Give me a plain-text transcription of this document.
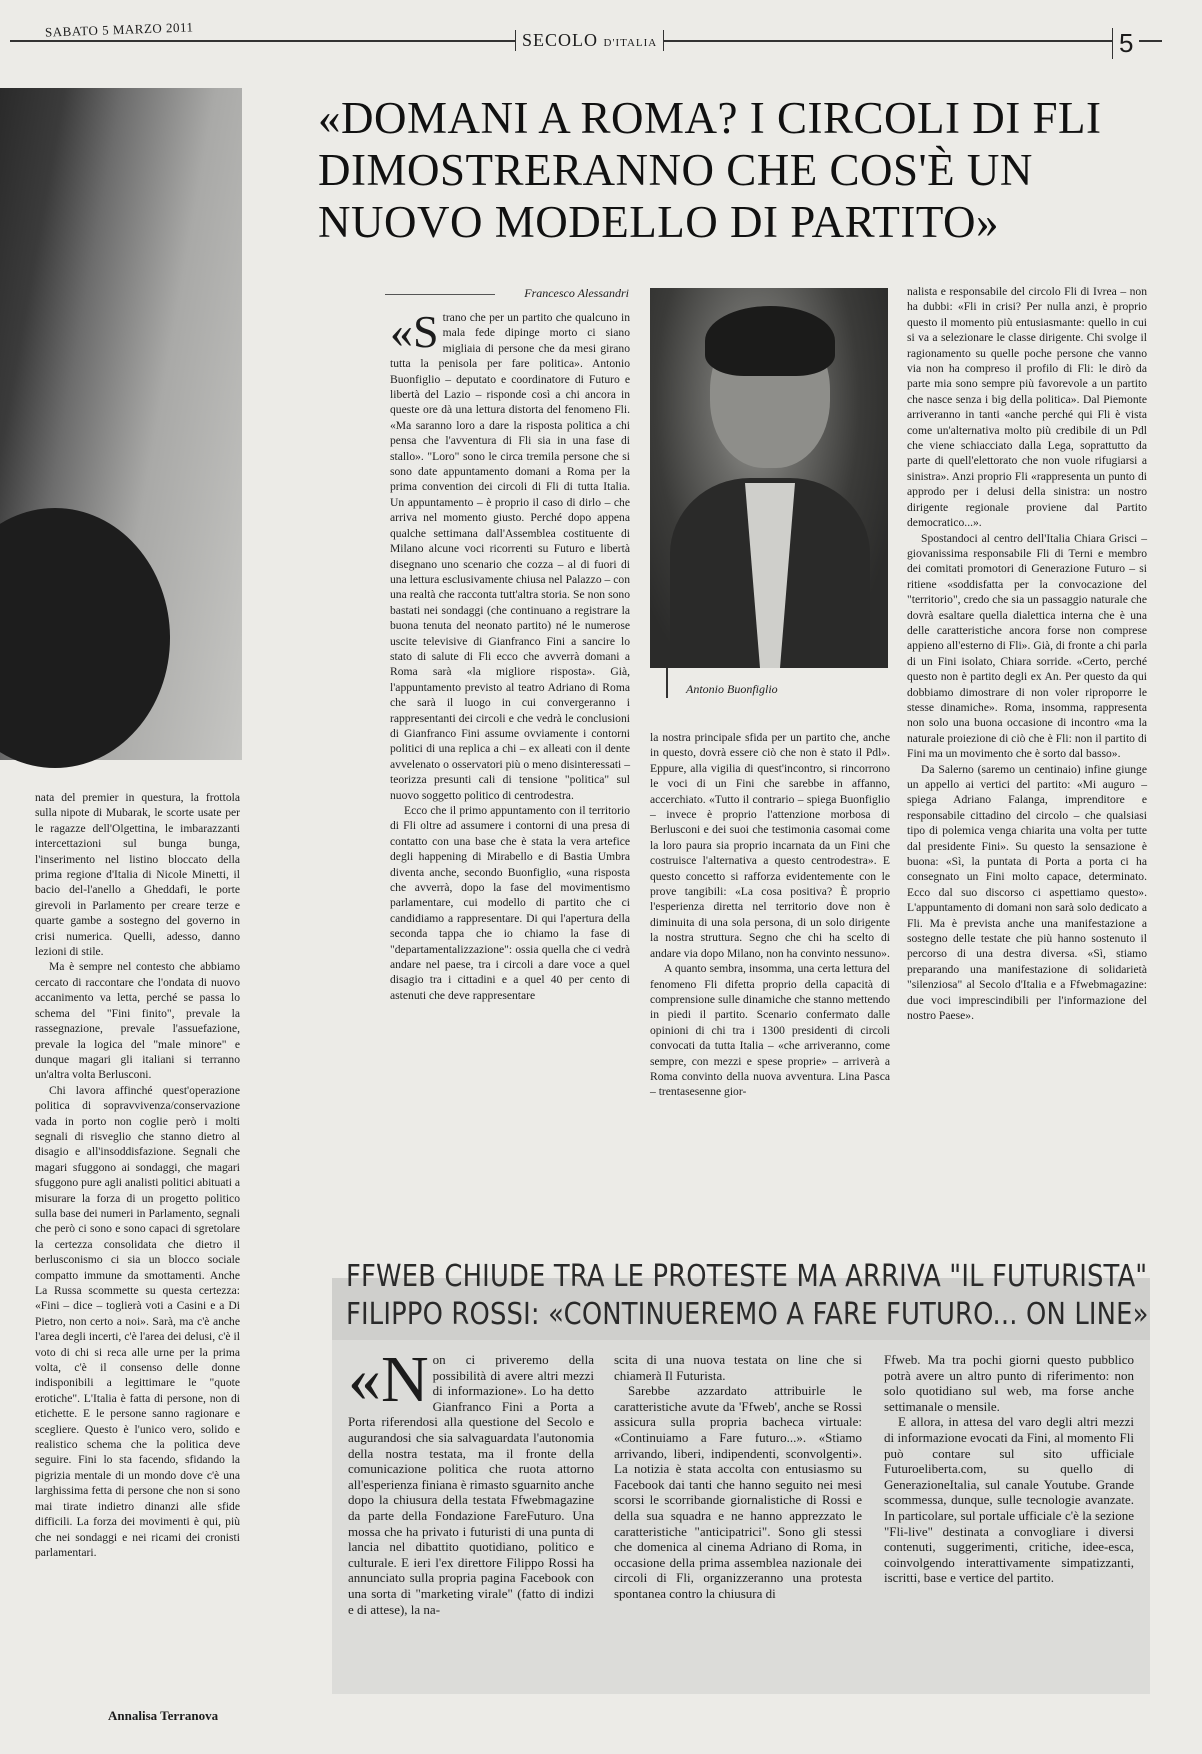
SABATO 5 MARZO 2011
SECOLO D'ITALIA	5
«DOMANI A ROMA? I CIRCOLI DI FLI DIMOSTRERANNO CHE COS'È UN NUOVO MODELLO DI PARTITO»

nata del premier in questura, la frottola sulla nipote di Mubarak, le scorte usate per le ragazze dell'Olgettina, le imbarazzanti intercettazioni sul bunga bunga, l'inserimento nel listino bloccato della prima regione d'Italia di Nicole Minetti, il bacio del-l'anello a Gheddafi, le porte girevoli in Parlamento per creare terze e quarte gambe a sostegno del governo in crisi numerica. Quelli, adesso, danno lezioni di stile.

Ma è sempre nel contesto che abbiamo cercato di raccontare che l'ondata di nuovo accanimento va letta, perché se passa lo schema del "Fini finito", prevale la rassegnazione, prevale l'assuefazione, prevale la logica del "male minore" e dunque magari gli italiani si terranno un'altra volta Berlusconi.

Chi lavora affinché quest'operazione politica di sopravvivenza/conservazione vada in porto non coglie però i molti segnali di risveglio che stanno dietro al disagio e all'insoddisfazione. Segnali che magari sfuggono ai sondaggi, che magari sfuggono pure agli analisti politici abituati a misurare la forza di un progetto politico sulla base dei numeri in Parlamento, segnali che però ci sono e sono capaci di sgretolare la certezza consolidata che dietro il berlusconismo ci sia un blocco sociale compatto immune da smottamenti. Anche La Russa scommette su questa certezza: «Fini – dice – toglierà voti a Casini e a Di Pietro, non certo a noi». Sarà, ma c'è anche l'area degli incerti, c'è l'area dei delusi, c'è il voto di chi si reca alle urne per la prima volta, c'è il consenso delle donne indisponibili a legittimare le "quote erotiche". L'Italia è fatta di persone, non di etichette. E le persone sanno ragionare e scegliere. Questo è l'unico vero, solido e realistico schema che la politica deve seguire. Fini lo sta facendo, sfidando la pigrizia mentale di un mondo dove c'è una larghissima fetta di persone che non si sono mai tirate indietro dinanzi alle sfide difficili. La forza dei movimenti è qui, più che nei sondaggi e nei ricami dei cronisti parlamentari.

Annalisa Terranova
Francesco Alessandri

«Strano che per un partito che qualcuno in mala fede dipinge morto ci siano migliaia di persone che da mesi girano tutta la penisola per fare politica». Antonio Buonfiglio – deputato e coordinatore di Futuro e libertà del Lazio – risponde così a chi ancora in queste ore dà una lettura distorta del fenomeno Fli. «Ma saranno loro a dare la risposta politica a chi pensa che l'avventura di Fli sia in una fase di stallo». "Loro" sono le circa tremila persone che si sono date appuntamento domani a Roma per la prima convention dei circoli di Fli di tutta Italia. Un appuntamento – è proprio il caso di dirlo – che arriva nel momento giusto. Perché dopo appena qualche settimana dall'Assemblea costituente di Milano alcune voci ricorrenti su Futuro e libertà disegnano uno scenario che cozza – al di fuori di una lettura esclusivamente chiusa nel Palazzo – con una realtà che racconta tutt'altra storia. Se non sono bastati nei sondaggi (che continuano a registrare la buona tenuta del neonato partito) né le numerose uscite televisive di Gianfranco Fini a sancire lo stato di salute di Fli ecco che avverrà domani a Roma sarà «la migliore risposta». Già, l'appuntamento previsto al teatro Adriano di Roma che sarà il luogo in cui convergeranno i rappresentanti dei circoli e che vedrà le conclusioni di Gianfranco Fini assume ovviamente i contorni politici di una replica a chi – ex alleati con il dente avvelenato o osservatori più o meno disinteressati – teorizza presunti cali di tensione "politica" sul nuovo soggetto politico di centrodestra.

Ecco che il primo appuntamento con il territorio di Fli oltre ad assumere i contorni di una presa di contatto con una base che è stata la vera artefice degli happening di Mirabello e di Bastia Umbra diventa anche, secondo Buonfiglio, «una risposta che avverrà, dopo la fase del movimentismo parlamentare, cui modello di partito che ci candidiamo a rappresentare. Di qui l'apertura della seconda tappa che io chiamo la fase di "departamentalizzazione": ossia quella che ci vedrà andare nel paese, tra i circoli a dare voce a quel disagio tra i cittadini e a quel 40 per cento di astenuti che deve rappresentare

Antonio Buonfiglio

la nostra principale sfida per un partito che, anche in questo, dovrà essere ciò che non è stato il Pdl». Eppure, alla vigilia di quest'incontro, si rincorrono le voci di un Fini che sarebbe in affanno, accerchiato. «Tutto il contrario – spiega Buonfiglio – invece è proprio l'attenzione morbosa di Berlusconi e dei suoi che testimonia casomai come la loro paura sia proprio incarnata da un Fini che costruisce l'alternativa a questo centrodestra». E questo concetto si rafforza evidentemente con le prove tangibili: «La cosa positiva? È proprio l'esperienza diretta nel territorio dove non è diminuita di una sola persona, di un solo dirigente la nostra struttura. Segno che chi ha scelto di andare via dopo Milano, non ha convinto nessuno».

A quanto sembra, insomma, una certa lettura del fenomeno Fli difetta proprio della capacità di comprensione sulle dinamiche che stanno mettendo in piedi il partito. Scenario confermato dalle opinioni di chi tra i 1300 presidenti di circoli convocati da tutta Italia – «che arriveranno, come sempre, con mezzi e spese proprie» – arriverà a Roma convinto della nuova avventura. Lina Pasca – trentasesenne gior-

nalista e responsabile del circolo Fli di Ivrea – non ha dubbi: «Fli in crisi? Per nulla anzi, è proprio questo il momento più entusiasmante: quello in cui si va a selezionare le classe dirigente. Chi svolge il ragionamento su quelle poche persone che vanno via non ha compreso il profilo di Fli: le dirò da parte mia sono sempre più favorevole a un partito che nasce senza i big della politica». Dal Piemonte arriveranno in tanti «anche perché qui Fli è vista come un'alternativa molto più credibile di un Pdl che viene schiacciato dalla Lega, soprattutto da parte di quell'elettorato che non vuole rifugiarsi a sinistra». Anzi proprio Fli «rappresenta un punto di approdo per i delusi della sinistra: un nostro dirigente regionale proviene dal Partito democratico...».

Spostandoci al centro dell'Italia Chiara Grisci – giovanissima responsabile Fli di Terni e membro dei comitati promotori di Generazione Futuro – si ritiene «soddisfatta per la convocazione del "territorio", credo che sia un passaggio naturale che dovrà esaltare quella dialettica interna che è una delle caratteristiche ancora forse non comprese appieno all'esterno di Fli». Già, di fronte a chi parla di un Fini isolato, Chiara sorride. «Certo, perché questo non è partito degli ex An. Per questo da qui dobbiamo dimostrare di non voler riproporre le stesse dinamiche». Roma, insomma, rappresenta non solo una buona occasione di incontro «ma la naturale proiezione di ciò che è Fli: non il partito di Fini ma un movimento che è sorto dal basso».

Da Salerno (saremo un centinaio) infine giunge un appello ai vertici del partito: «Mi auguro – spiega Adriano Falanga, imprenditore e responsabile cittadino del circolo – che qualsiasi tipo di polemica venga chiarita una volta per tutte dal presidente Fini». Su questo la sensazione è buona: «Sì, la puntata di Porta a porta ci ha consegnato un Fini molto capace, determinato. Ecco dal suo discorso ci aspettiamo questo». L'appuntamento di domani non sarà solo dedicato a Fli. Ma è prevista anche una manifestazione a sostegno delle testate che più hanno sostenuto il percorso di una destra diversa. «Sì, stiamo preparando una manifestazione di solidarietà "silenziosa" al Secolo d'Italia e a Ffwebmagazine: due voci imprescindibili per l'informazione del nostro Paese».

FFWEB CHIUDE TRA LE PROTESTE MA ARRIVA "IL FUTURISTA"
FILIPPO ROSSI: «CONTINUEREMO A FARE FUTURO... ON LINE»

«Non ci priveremo della possibilità di avere altri mezzi di informazione». Lo ha detto Gianfranco Fini a Porta a Porta riferendosi alla questione del Secolo e augurandosi che sia salvaguardata l'autonomia della nostra testata, ma il fronte della comunicazione politica che ruota attorno all'esperienza finiana è rimasto sguarnito anche dopo la chiusura della testata Ffwebmagazine da parte della Fondazione FareFuturo. Una mossa che ha privato i futuristi di una punta di lancia nel dibattito quotidiano, politico e culturale. E ieri l'ex direttore Filippo Rossi ha annunciato sulla propria pagina Facebook con una sorta di "marketing virale" (fatto di indizi e di attese), la na-

scita di una nuova testata on line che si chiamerà Il Futurista.

Sarebbe azzardato attribuirle le caratteristiche avute da 'Ffweb', anche se Rossi assicura sulla propria bacheca virtuale: «Continuiamo a Fare futuro...». «Stiamo arrivando, liberi, indipendenti, sconvolgenti». La notizia è stata accolta con entusiasmo su Facebook dai tanti che hanno seguito nei mesi scorsi le scorribande giornalistiche di Rossi e della sua squadra e ne hanno apprezzato le caratteristiche "anticipatrici". Sono gli stessi che domenica al cinema Adriano di Roma, in occasione della prima assemblea nazionale dei circoli di Fli, organizzeranno una protesta spontanea contro la chiusura di

Ffweb. Ma tra pochi giorni questo pubblico potrà avere un altro punto di riferimento: non solo quotidiano sul web, ma forse anche settimanale o mensile.

E allora, in attesa del varo degli altri mezzi di informazione evocati da Fini, al momento Fli può contare sul sito ufficiale Futuroeliberta.com, su quello di GenerazioneItalia, sul canale Youtube. Grande scommessa, dunque, sulle tecnologie avanzate. In particolare, sul portale ufficiale c'è la sezione "Fli-live" destinata a convogliare i diversi contenuti, suggerimenti, critiche, idee-esca, coinvolgendo interattivamente simpatizzanti, iscritti, base e vertice del partito.
